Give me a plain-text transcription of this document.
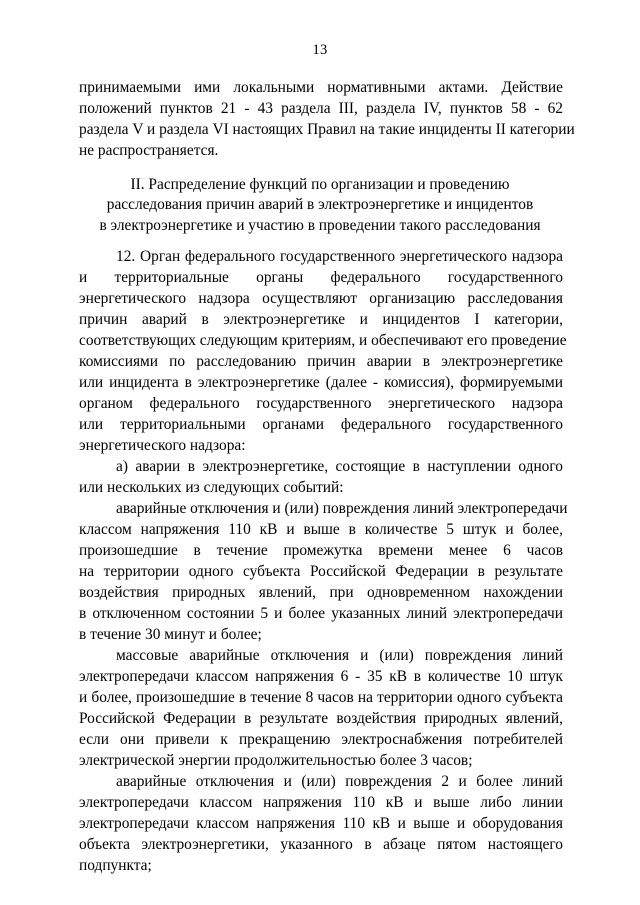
13
принимаемыми ими локальными нормативными актами. Действие
положений пунктов 21 - 43 раздела III, раздела IV, пунктов 58 - 62
раздела V и раздела VI настоящих Правил на такие инциденты II категории
не распространяется.
II. Распределение функций по организации и проведению
расследования причин аварий в электроэнергетике и инцидентов
в электроэнергетике и участию в проведении такого расследования
12. Орган федерального государственного энергетического надзора
и территориальные органы федерального государственного
энергетического надзора осуществляют организацию расследования
причин аварий в электроэнергетике и инцидентов I категории,
соответствующих следующим критериям, и обеспечивают его проведение
комиссиями по расследованию причин аварии в электроэнергетике
или инцидента в электроэнергетике (далее - комиссия), формируемыми
органом федерального государственного энергетического надзора
или территориальными органами федерального государственного
энергетического надзора:
а) аварии в электроэнергетике, состоящие в наступлении одного
или нескольких из следующих событий:
аварийные отключения и (или) повреждения линий электропередачи
классом напряжения 110 кВ и выше в количестве 5 штук и более,
произошедшие в течение промежутка времени менее 6 часов
на территории одного субъекта Российской Федерации в результате
воздействия природных явлений, при одновременном нахождении
в отключенном состоянии 5 и более указанных линий электропередачи
в течение 30 минут и более;
массовые аварийные отключения и (или) повреждения линий
электропередачи классом напряжения 6 - 35 кВ в количестве 10 штук
и более, произошедшие в течение 8 часов на территории одного субъекта
Российской Федерации в результате воздействия природных явлений,
если они привели к прекращению электроснабжения потребителей
электрической энергии продолжительностью более 3 часов;
аварийные отключения и (или) повреждения 2 и более линий
электропередачи классом напряжения 110 кВ и выше либо линии
электропередачи классом напряжения 110 кВ и выше и оборудования
объекта электроэнергетики, указанного в абзаце пятом настоящего
подпункта;
